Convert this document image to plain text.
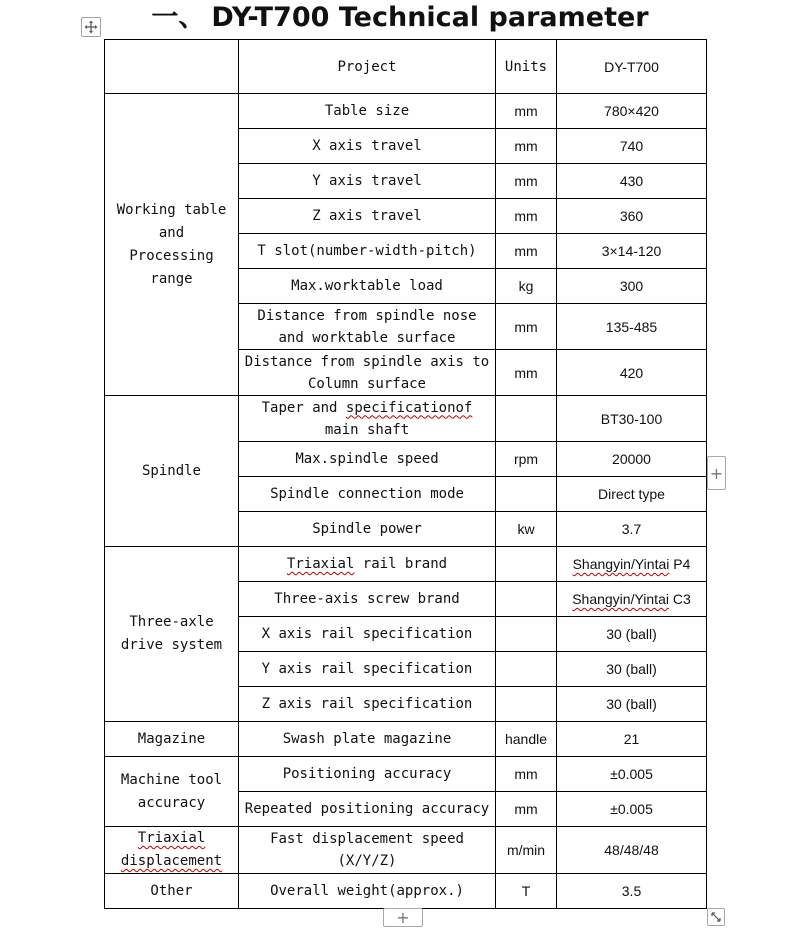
一、 DY-T700 Technical parameter
	Project	Units	DY-T700
Working table
and
Processing
range	Table size	mm	780×420
	X axis travel	mm	740
	Y axis travel	mm	430
	Z axis travel	mm	360
	T slot(number-width-pitch)	mm	3×14-120
	Max.worktable load	kg	300
	Distance from spindle nose and worktable surface	mm	135-485
	Distance from spindle axis to Column surface	mm	420
Spindle	Taper and specificationof main shaft		BT30-100
	Max.spindle speed	rpm	20000
	Spindle connection mode		Direct type
	Spindle power	kw	3.7
Three-axle
drive system	Triaxial rail brand		Shangyin/Yintai P4
	Three-axis screw brand		Shangyin/Yintai C3
	X axis rail specification		30 (ball)
	Y axis rail specification		30 (ball)
	Z axis rail specification		30 (ball)
Magazine	Swash plate magazine	handle	21
Machine tool
accuracy	Positioning accuracy	mm	±0.005
	Repeated positioning accuracy	mm	±0.005
Triaxial
displacement	Fast displacement speed (X/Y/Z)	m/min	48/48/48
Other	Overall weight(approx.)	T	3.5
+
+
